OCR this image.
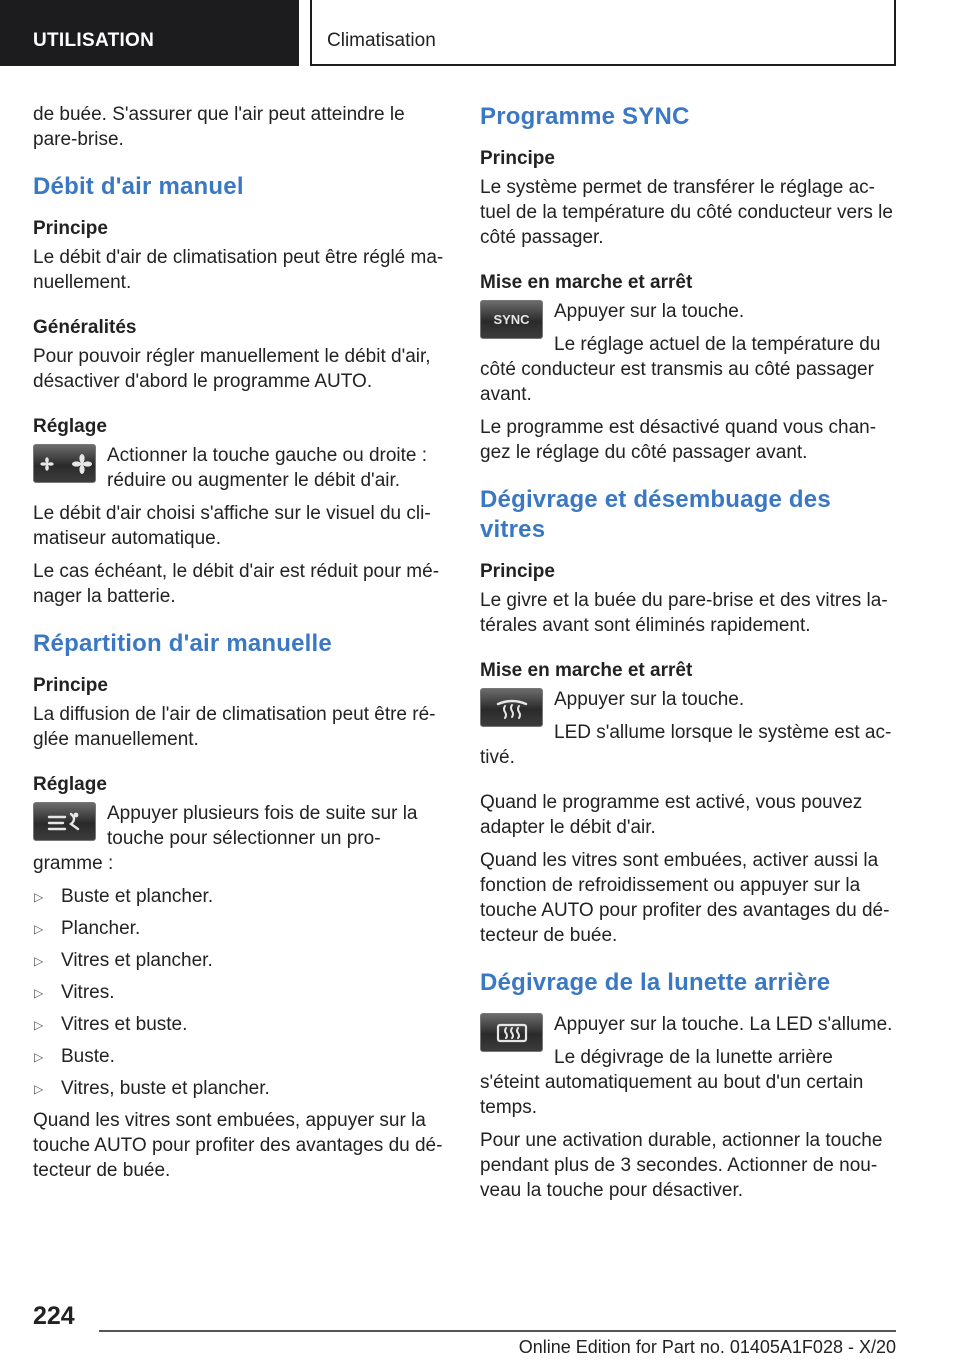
UTILISATION	Climatisation

de buée. S'assurer que l'air peut atteindre le pare-brise.

Débit d'air manuel
Principe

Le débit d'air de climatisation peut être réglé ma-nuellement.

Généralités

Pour pouvoir régler manuellement le débit d'air, désactiver d'abord le programme AUTO.

Réglage

Actionner la touche gauche ou droite : réduire ou augmenter le débit d'air.

Le débit d'air choisi s'affiche sur le visuel du cli-matiseur automatique.

Le cas échéant, le débit d'air est réduit pour mé-nager la batterie.

Répartition d'air manuelle
Principe

La diffusion de l'air de climatisation peut être ré-glée manuellement.

Réglage

Appuyer plusieurs fois de suite sur la touche pour sélectionner un pro-gramme :

▷ Buste et plancher.
▷ Plancher.
▷ Vitres et plancher.
▷ Vitres.
▷ Vitres et buste.
▷ Buste.
▷ Vitres, buste et plancher.

Quand les vitres sont embuées, appuyer sur la touche AUTO pour profiter des avantages du dé-tecteur de buée.

Programme SYNC
Principe

Le système permet de transférer le réglage ac-tuel de la température du côté conducteur vers le côté passager.

Mise en marche et arrêt
SYNC	Appuyer sur la touche.

Le réglage actuel de la température du côté conducteur est transmis au côté passager avant.

Le programme est désactivé quand vous chan-gez le réglage du côté passager avant.

Dégivrage et désembuage des vitres
Principe

Le givre et la buée du pare-brise et des vitres la-térales avant sont éliminés rapidement.

Mise en marche et arrêt

Appuyer sur la touche.

LED s'allume lorsque le système est ac-tivé.

Quand le programme est activé, vous pouvez adapter le débit d'air.

Quand les vitres sont embuées, activer aussi la fonction de refroidissement ou appuyer sur la touche AUTO pour profiter des avantages du dé-tecteur de buée.

Dégivrage de la lunette arrière

Appuyer sur la touche. La LED s'allume.

Le dégivrage de la lunette arrière s'éteint automatiquement au bout d'un certain temps.

Pour une activation durable, actionner la touche pendant plus de 3 secondes. Actionner de nou-veau la touche pour désactiver.

224
Online Edition for Part no. 01405A1F028 - X/20
